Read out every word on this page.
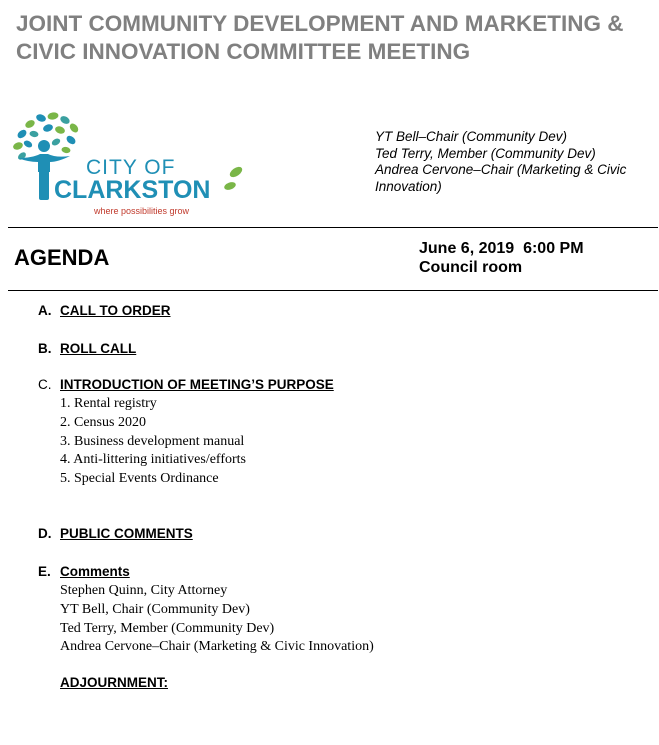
JOINT COMMUNITY DEVELOPMENT AND MARKETING & CIVIC INNOVATION COMMITTEE MEETING
CITY OF
CLARKSTON
where possibilities grow
YT Bell–Chair (Community Dev)
Ted Terry, Member (Community Dev)
Andrea Cervone–Chair (Marketing & Civic Innovation)
AGENDA	June 6, 2019  6:00 PM
Council room
A. CALL TO ORDER
B. ROLL CALL
C. INTRODUCTION OF MEETING’S PURPOSE
1. Rental registry
2. Census 2020
3. Business development manual
4. Anti-littering initiatives/efforts
5. Special Events Ordinance
D. PUBLIC COMMENTS
E. Comments
Stephen Quinn, City Attorney
YT Bell, Chair (Community Dev)
Ted Terry, Member (Community Dev)
Andrea Cervone–Chair (Marketing & Civic Innovation)
ADJOURNMENT:
